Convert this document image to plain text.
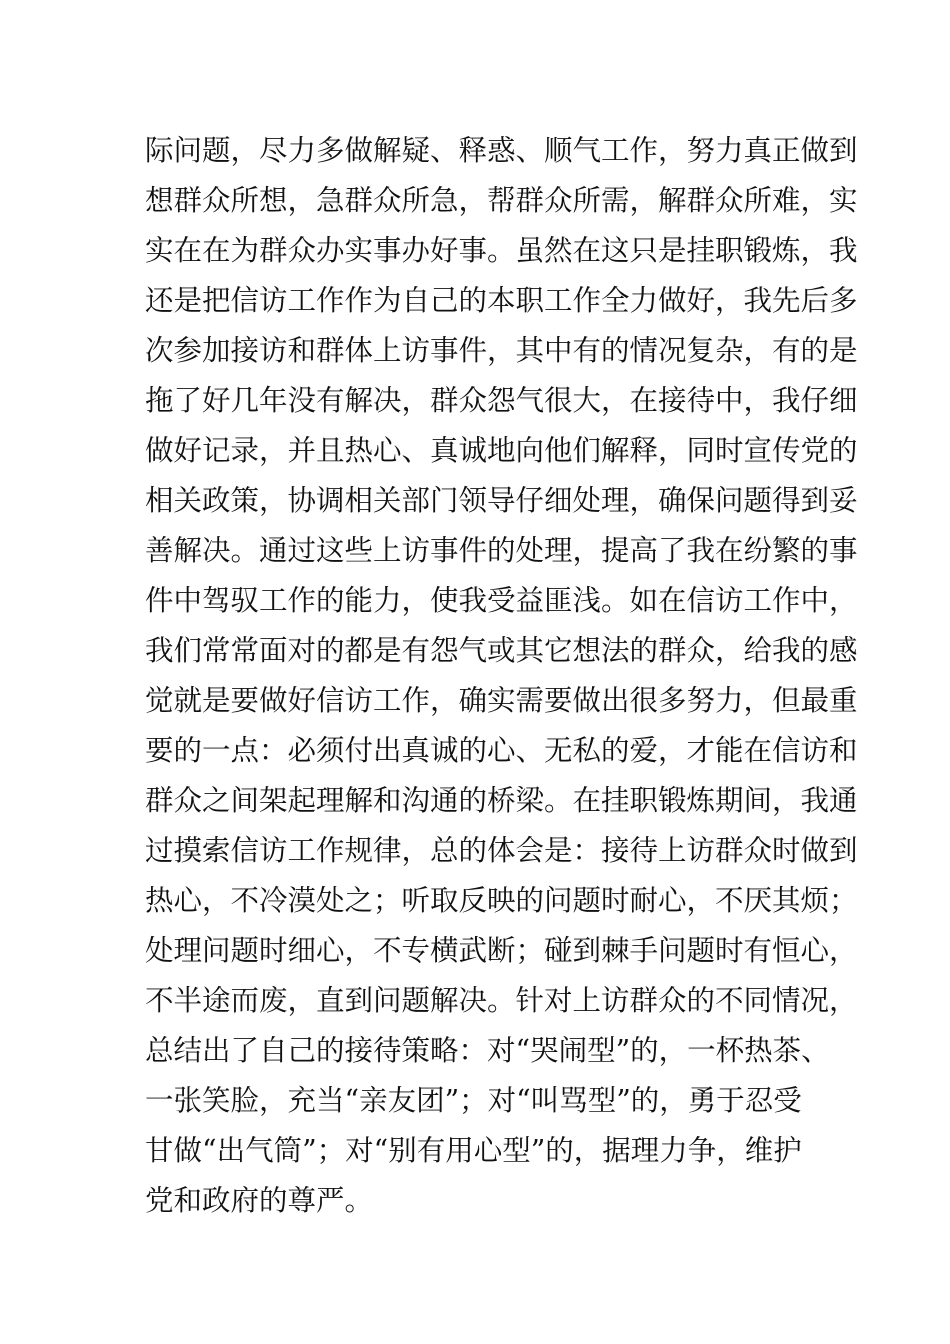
际问题，尽力多做解疑、释惑、顺气工作，努力真正做到
想群众所想，急群众所急，帮群众所需，解群众所难，实
实在在为群众办实事办好事。虽然在这只是挂职锻炼，我
还是把信访工作作为自己的本职工作全力做好，我先后多
次参加接访和群体上访事件，其中有的情况复杂，有的是
拖了好几年没有解决，群众怨气很大，在接待中，我仔细
做好记录，并且热心、真诚地向他们解释，同时宣传党的
相关政策，协调相关部门领导仔细处理，确保问题得到妥
善解决。通过这些上访事件的处理，提高了我在纷繁的事
件中驾驭工作的能力，使我受益匪浅。如在信访工作中，
我们常常面对的都是有怨气或其它想法的群众，给我的感
觉就是要做好信访工作，确实需要做出很多努力，但最重
要的一点：必须付出真诚的心、无私的爱，才能在信访和
群众之间架起理解和沟通的桥梁。在挂职锻炼期间，我通
过摸索信访工作规律，总的体会是：接待上访群众时做到
热心，不冷漠处之；听取反映的问题时耐心，不厌其烦；
处理问题时细心，不专横武断；碰到棘手问题时有恒心，
不半途而废，直到问题解决。针对上访群众的不同情况，
总结出了自己的接待策略：对“哭闹型”的，一杯热茶、
一张笑脸，充当“亲友团”；对“叫骂型”的，勇于忍受
甘做“出气筒”；对“别有用心型”的，据理力争，维护
党和政府的尊严。
